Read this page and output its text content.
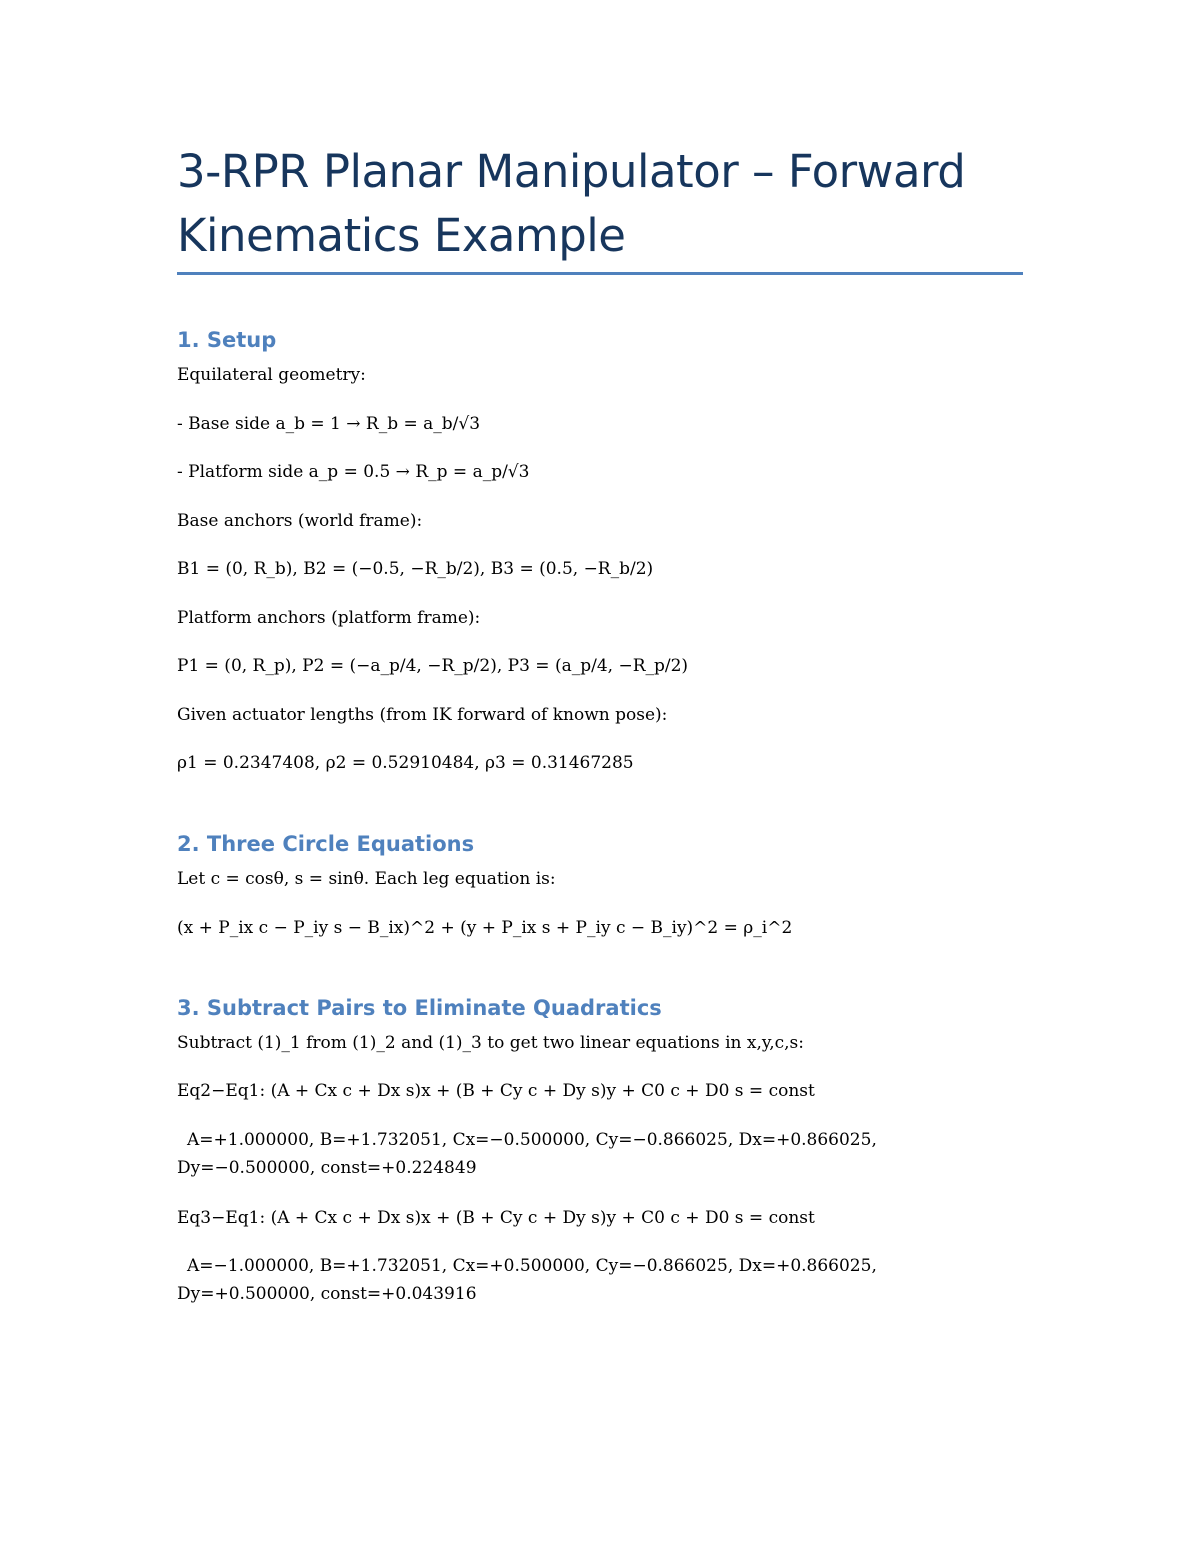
3-RPR Planar Manipulator – Forward Kinematics Example
1. Setup

Equilateral geometry:

- Base side a_b = 1 → R_b = a_b/√3

- Platform side a_p = 0.5 → R_p = a_p/√3

Base anchors (world frame):

B1 = (0, R_b), B2 = (−0.5, −R_b/2), B3 = (0.5, −R_b/2)

Platform anchors (platform frame):

P1 = (0, R_p), P2 = (−a_p/4, −R_p/2), P3 = (a_p/4, −R_p/2)

Given actuator lengths (from IK forward of known pose):

ρ1 = 0.2347408, ρ2 = 0.52910484, ρ3 = 0.31467285

2. Three Circle Equations

Let c = cosθ, s = sinθ. Each leg equation is:

(x + P_ix c − P_iy s − B_ix)^2 + (y + P_ix s + P_iy c − B_iy)^2 = ρ_i^2

3. Subtract Pairs to Eliminate Quadratics

Subtract (1)_1 from (1)_2 and (1)_3 to get two linear equations in x,y,c,s:

Eq2−Eq1: (A + Cx c + Dx s)x + (B + Cy c + Dy s)y + C0 c + D0 s = const

A=+1.000000, B=+1.732051, Cx=−0.500000, Cy=−0.866025, Dx=+0.866025, Dy=−0.500000, const=+0.224849

Eq3−Eq1: (A + Cx c + Dx s)x + (B + Cy c + Dy s)y + C0 c + D0 s = const

A=−1.000000, B=+1.732051, Cx=+0.500000, Cy=−0.866025, Dx=+0.866025, Dy=+0.500000, const=+0.043916
